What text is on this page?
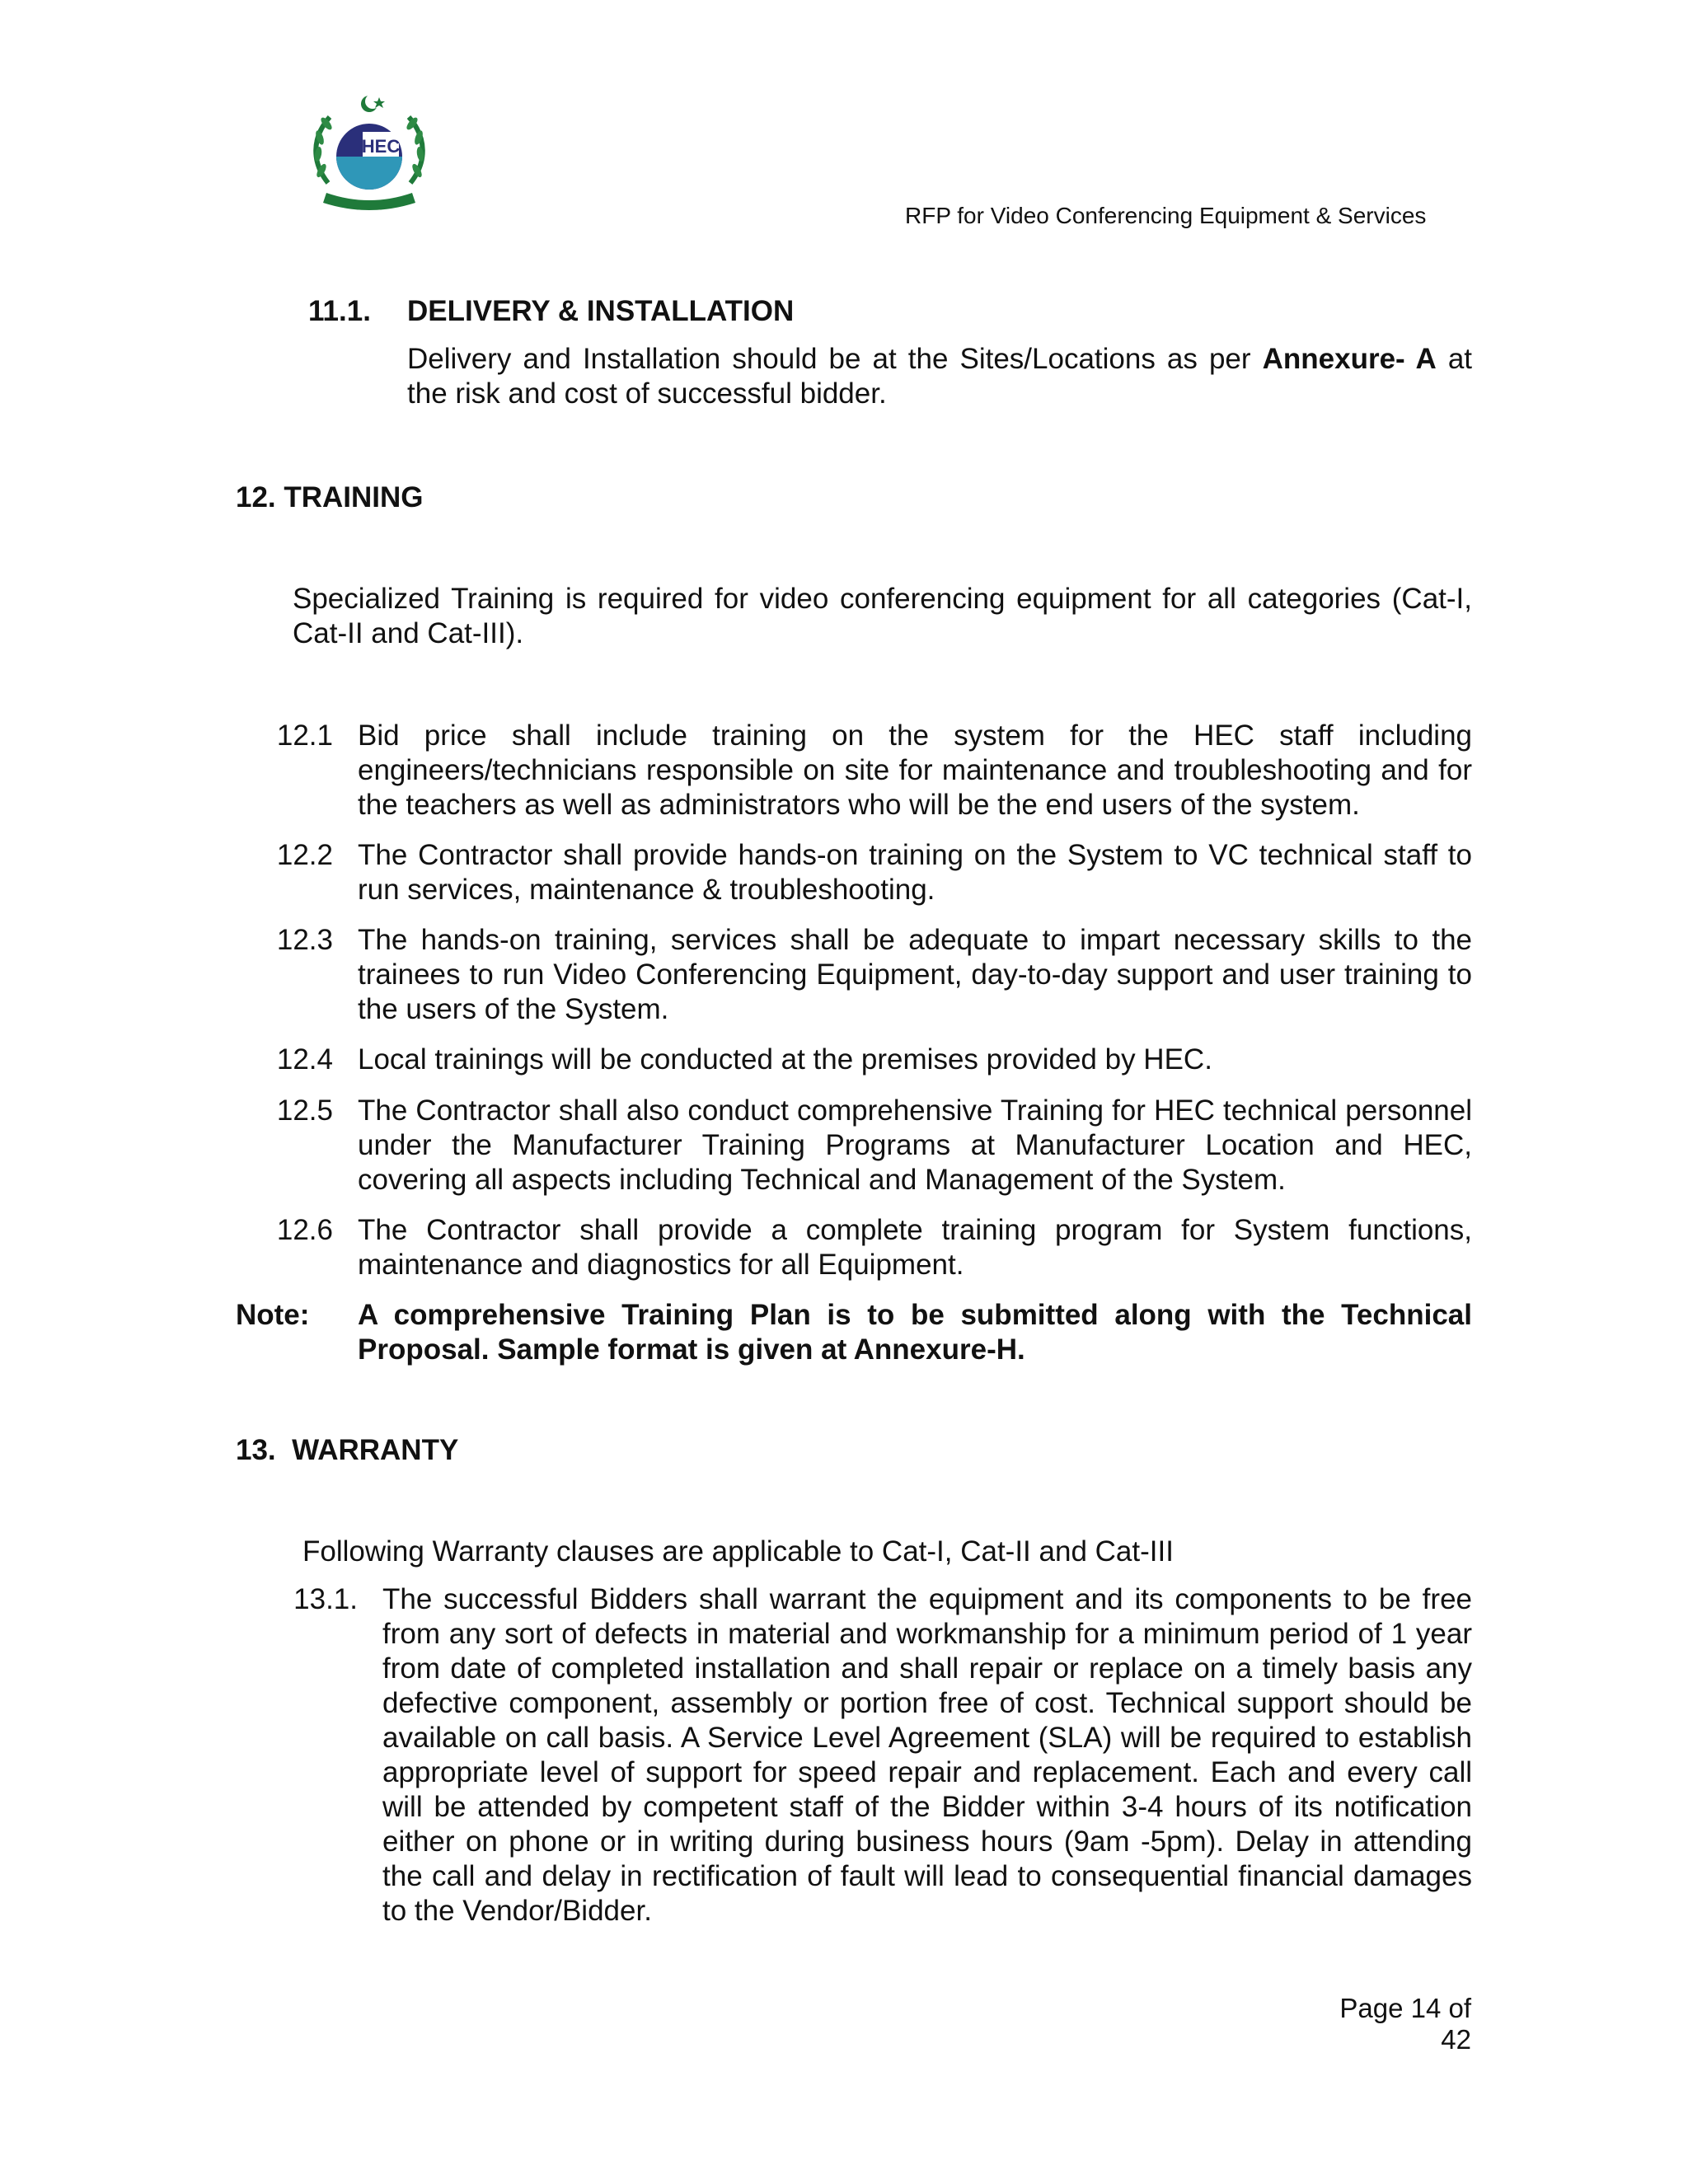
HEC
RFP for Video Conferencing Equipment & Services
11.1. DELIVERY & INSTALLATION
Delivery and Installation should be at the Sites/Locations as per Annexure- A at the risk and cost of successful bidder.
12. TRAINING
Specialized Training is required for video conferencing equipment for all categories (Cat-I, Cat-II and Cat-III).
12.1 Bid price shall include training on the system for the HEC staff including engineers/technicians responsible on site for maintenance and troubleshooting and for the teachers as well as administrators who will be the end users of the system.
12.2 The Contractor shall provide hands-on training on the System to VC technical staff to run services, maintenance & troubleshooting.
12.3 The hands-on training, services shall be adequate to impart necessary skills to the trainees to run Video Conferencing Equipment, day-to-day support and user training to the users of the System.
12.4 Local trainings will be conducted at the premises provided by HEC.
12.5 The Contractor shall also conduct comprehensive Training for HEC technical personnel under the Manufacturer Training Programs at Manufacturer Location and HEC, covering all aspects including Technical and Management of the System.
12.6 The Contractor shall provide a complete training program for System functions, maintenance and diagnostics for all Equipment.
Note: A comprehensive Training Plan is to be submitted along with the Technical Proposal. Sample format is given at Annexure-H.
13.  WARRANTY
Following Warranty clauses are applicable to Cat-I, Cat-II and Cat-III
13.1. The successful Bidders shall warrant the equipment and its components to be free from any sort of defects in material and workmanship for a minimum period of 1 year from date of completed installation and shall repair or replace on a timely basis any defective component, assembly or portion free of cost. Technical support should be available on call basis. A Service Level Agreement (SLA) will be required to establish appropriate level of support for speed repair and replacement. Each and every call will be attended by competent staff of the Bidder within 3-4 hours of its notification either on phone or in writing during business hours (9am -5pm). Delay in attending the call and delay in rectification of fault will lead to consequential financial damages to the Vendor/Bidder.
Page 14 of 42
